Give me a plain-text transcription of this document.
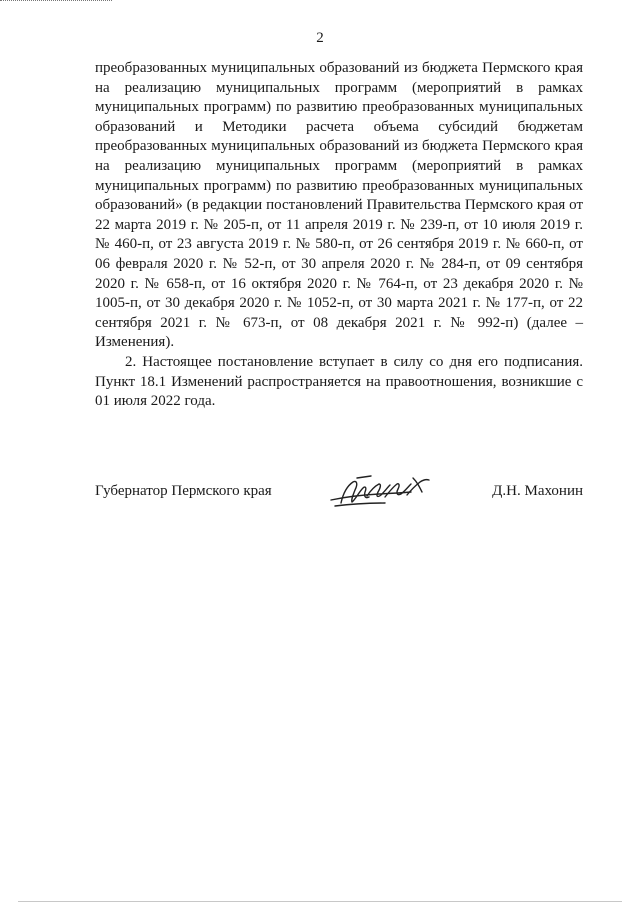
2

преобразованных муниципальных образований из бюджета Пермского края на реализацию муниципальных программ (мероприятий в рамках муниципальных программ) по развитию преобразованных муниципальных образований и Методики расчета объема субсидий бюджетам преобразованных муниципальных образований из бюджета Пермского края на реализацию муниципальных программ (мероприятий в рамках муниципальных программ) по развитию преобразованных муниципальных образований» (в редакции постановлений Правительства Пермского края от 22 марта 2019 г. № 205-п, от 11 апреля 2019 г. № 239-п, от 10 июля 2019 г. № 460-п, от 23 августа 2019 г. № 580-п, от 26 сентября 2019 г. № 660-п, от 06 февраля 2020 г. № 52-п, от 30 апреля 2020 г. № 284-п, от 09 сентября 2020 г. № 658-п, от 16 октября 2020 г. № 764-п, от 23 декабря 2020 г. № 1005-п, от 30 декабря 2020 г. № 1052-п, от 30 марта 2021 г. № 177-п, от 22 сентября 2021 г. № 673-п, от 08 декабря 2021 г. № 992-п) (далее – Изменения).

2. Настоящее постановление вступает в силу со дня его подписания. Пункт 18.1 Изменений распространяется на правоотношения, возникшие с 01 июля 2022 года.

Губернатор Пермского края	Д.Н. Махонин
